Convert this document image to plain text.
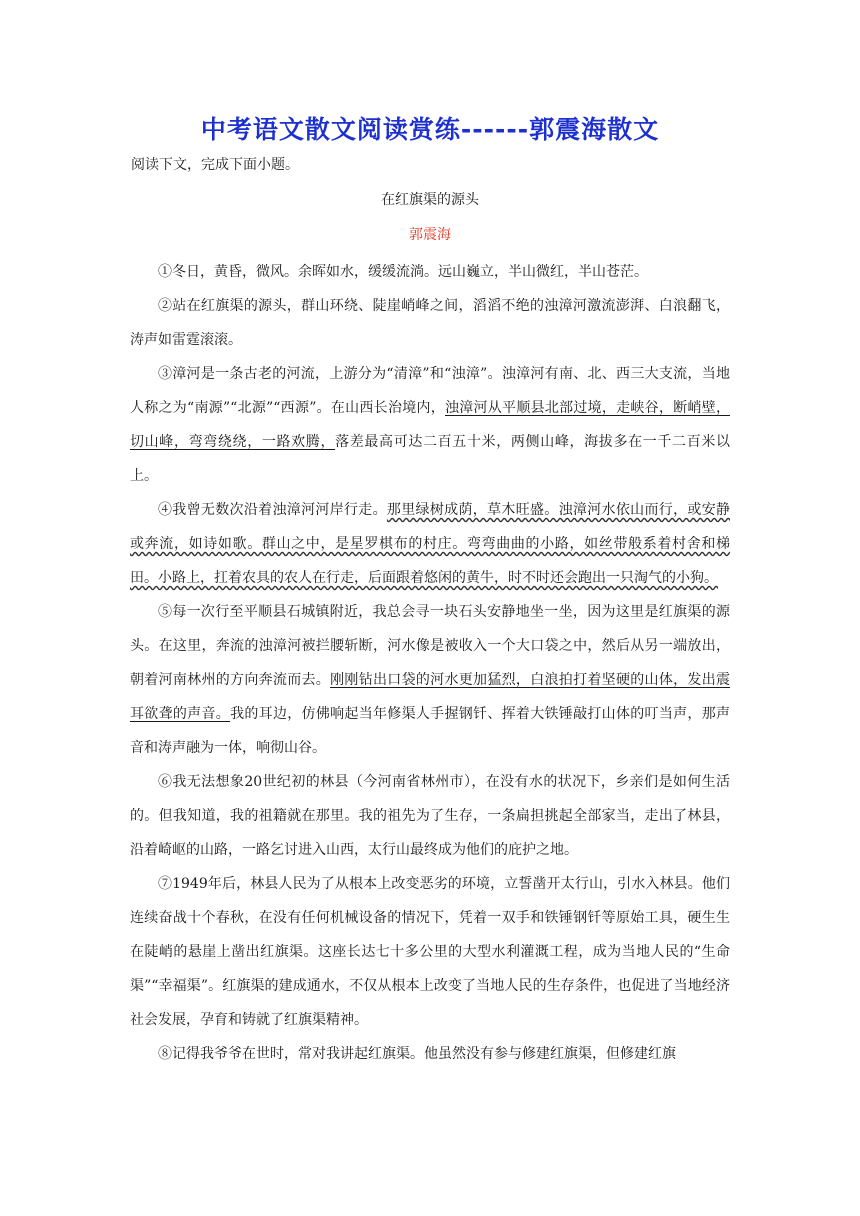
中考语文散文阅读赏练------郭震海散文

阅读下文，完成下面小题。

在红旗渠的源头

郭震海

①冬日，黄昏，微风。余晖如水，缓缓流淌。远山巍立，半山微红，半山苍茫。

②站在红旗渠的源头，群山环绕、陡崖峭峰之间，滔滔不绝的浊漳河激流澎湃、白浪翻飞，涛声如雷霆滚滚。

③漳河是一条古老的河流，上游分为“清漳”和“浊漳”。浊漳河有南、北、西三大支流，当地人称之为“南源”“北源”“西源”。在山西长治境内，浊漳河从平顺县北部过境，走峡谷，断峭壁，切山峰，弯弯绕绕，一路欢腾，落差最高可达二百五十米，两侧山峰，海拔多在一千二百米以上。

④我曾无数次沿着浊漳河河岸行走。那里绿树成荫，草木旺盛。浊漳河水依山而行，或安静或奔流，如诗如歌。群山之中，是星罗棋布的村庄。弯弯曲曲的小路，如丝带般系着村舍和梯田。小路上，扛着农具的农人在行走，后面跟着悠闲的黄牛，时不时还会跑出一只淘气的小狗。

⑤每一次行至平顺县石城镇附近，我总会寻一块石头安静地坐一坐，因为这里是红旗渠的源头。在这里，奔流的浊漳河被拦腰斩断，河水像是被收入一个大口袋之中，然后从另一端放出，朝着河南林州的方向奔流而去。刚刚钻出口袋的河水更加猛烈，白浪拍打着坚硬的山体，发出震耳欲聋的声音。我的耳边，仿佛响起当年修渠人手握钢钎、挥着大铁锤敲打山体的叮当声，那声音和涛声融为一体，响彻山谷。

⑥我无法想象20世纪初的林县（今河南省林州市），在没有水的状况下，乡亲们是如何生活的。但我知道，我的祖籍就在那里。我的祖先为了生存，一条扁担挑起全部家当，走出了林县，沿着崎岖的山路，一路乞讨进入山西，太行山最终成为他们的庇护之地。

⑦1949年后，林县人民为了从根本上改变恶劣的环境，立誓凿开太行山，引水入林县。他们连续奋战十个春秋，在没有任何机械设备的情况下，凭着一双手和铁锤钢钎等原始工具，硬生生在陡峭的悬崖上凿出红旗渠。这座长达七十多公里的大型水利灌溉工程，成为当地人民的“生命渠”“幸福渠”。红旗渠的建成通水，不仅从根本上改变了当地人民的生存条件，也促进了当地经济社会发展，孕育和铸就了红旗渠精神。

⑧记得我爷爷在世时，常对我讲起红旗渠。他虽然没有参与修建红旗渠，但修建红旗
